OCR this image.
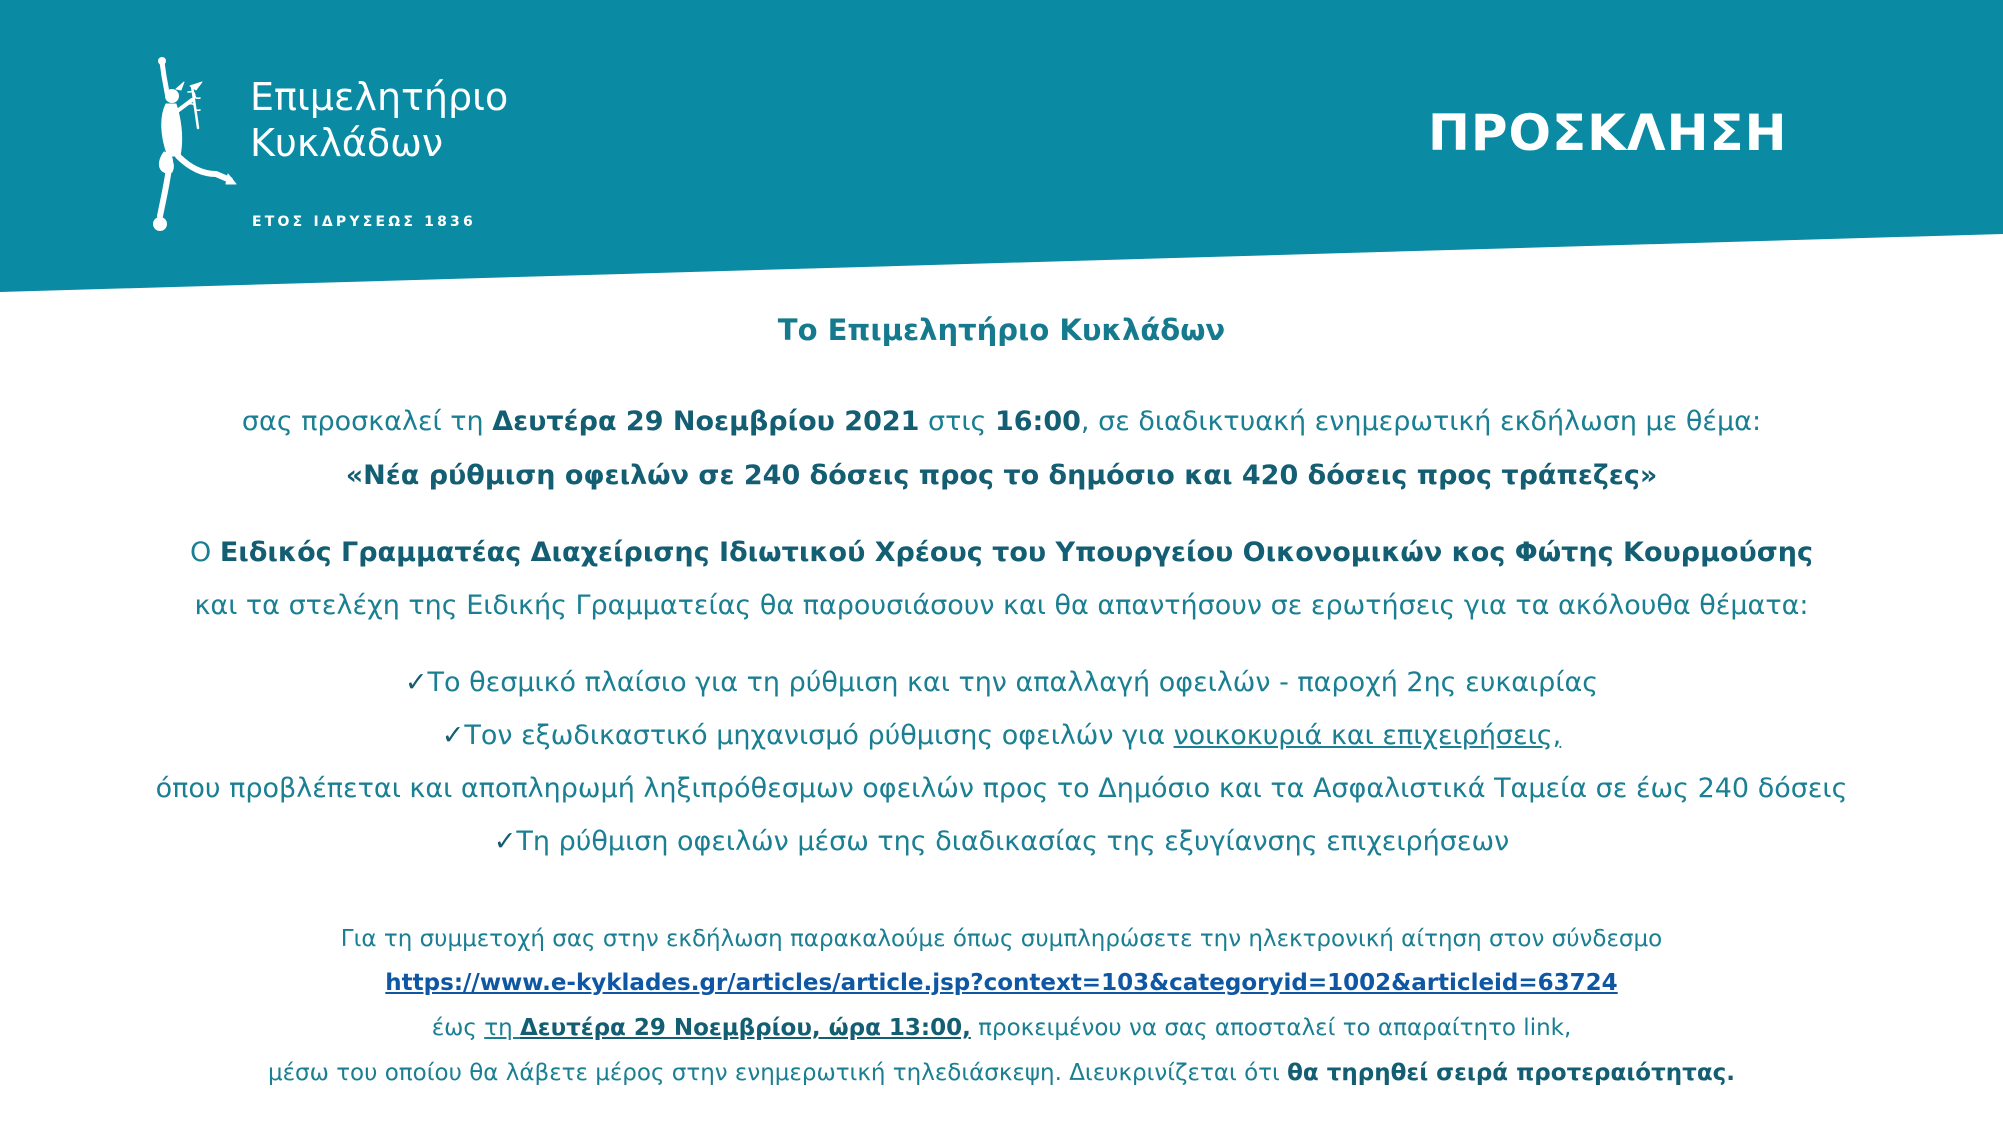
Επιμελητήριο
Κυκλάδων
ΕΤΟΣ ΙΔΡΥΣΕΩΣ 1836
ΠΡΟΣΚΛΗΣΗ
Το Επιμελητήριο Κυκλάδων
σας προσκαλεί τη Δευτέρα 29 Νοεμβρίου 2021 στις 16:00, σε διαδικτυακή ενημερωτική εκδήλωση με θέμα:
«Νέα ρύθμιση οφειλών σε 240 δόσεις προς το δημόσιο και 420 δόσεις προς τράπεζες»
Ο Ειδικός Γραμματέας Διαχείρισης Ιδιωτικού Χρέους του Υπουργείου Οικονομικών κος Φώτης Κουρμούσης
και τα στελέχη της Ειδικής Γραμματείας θα παρουσιάσουν και θα απαντήσουν σε ερωτήσεις για τα ακόλουθα θέματα:
✓Το θεσμικό πλαίσιο για τη ρύθμιση και την απαλλαγή οφειλών - παροχή 2ης ευκαιρίας
✓Τον εξωδικαστικό μηχανισμό ρύθμισης οφειλών για νοικοκυριά και επιχειρήσεις,
όπου προβλέπεται και αποπληρωμή ληξιπρόθεσμων οφειλών προς το Δημόσιο και τα Ασφαλιστικά Ταμεία σε έως 240 δόσεις
✓Τη ρύθμιση οφειλών μέσω της διαδικασίας της εξυγίανσης επιχειρήσεων
Για τη συμμετοχή σας στην εκδήλωση παρακαλούμε όπως συμπληρώσετε την ηλεκτρονική αίτηση στον σύνδεσμο
https://www.e-kyklades.gr/articles/article.jsp?context=103&categoryid=1002&articleid=63724
έως τη Δευτέρα 29 Νοεμβρίου, ώρα 13:00, προκειμένου να σας αποσταλεί το απαραίτητο link,
μέσω του οποίου θα λάβετε μέρος στην ενημερωτική τηλεδιάσκεψη. Διευκρινίζεται ότι θα τηρηθεί σειρά προτεραιότητας.
